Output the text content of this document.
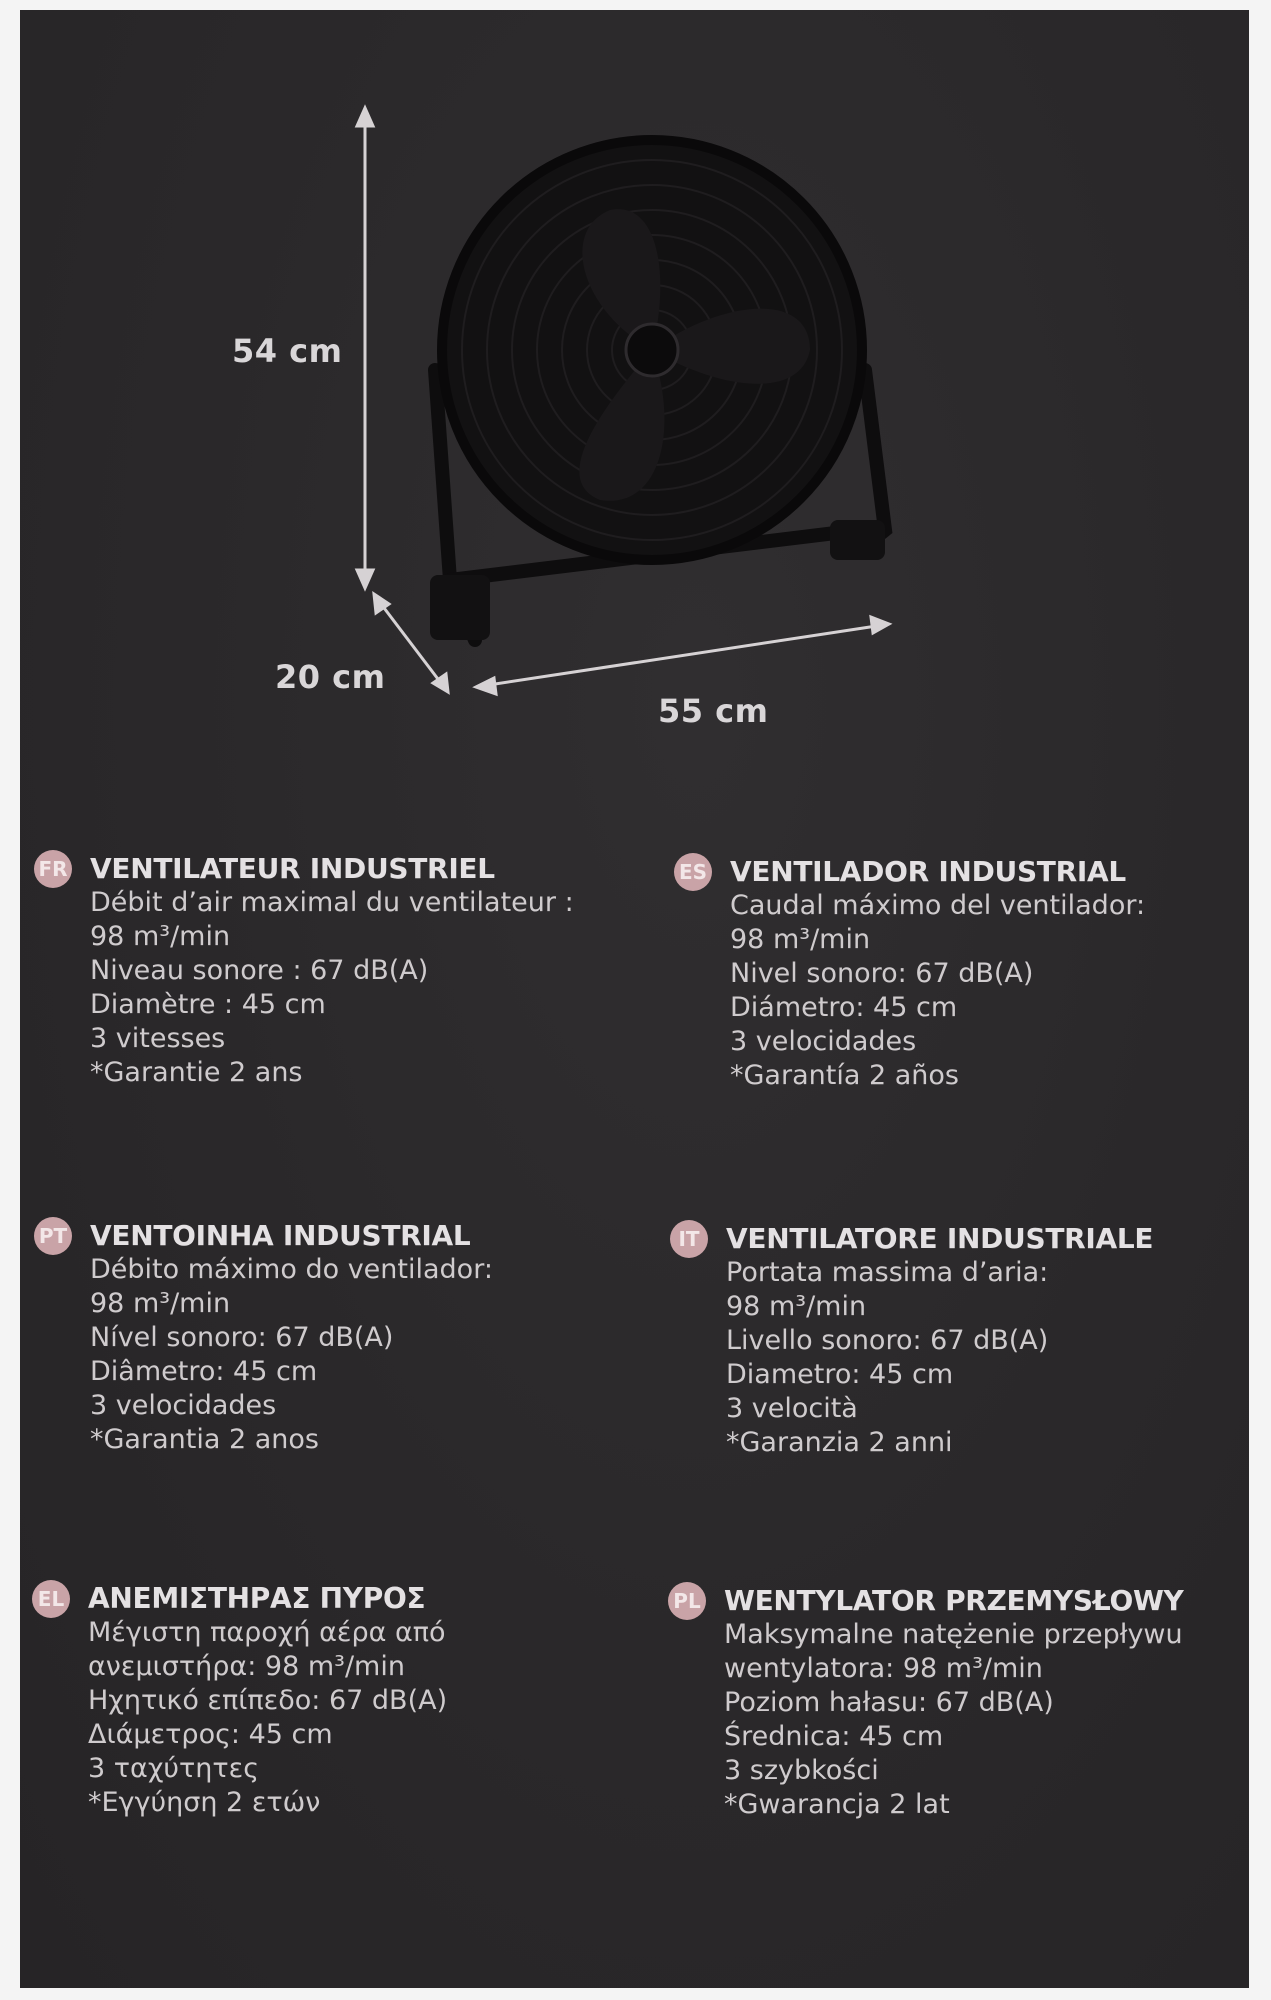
54 cm
20 cm
55 cm
FR VENTILATEUR INDUSTRIEL
Débit d’air maximal du ventilateur :
98 m³/min
Niveau sonore : 67 dB(A)
Diamètre : 45 cm
3 vitesses
*Garantie 2 ans
ES VENTILADOR INDUSTRIAL
Caudal máximo del ventilador:
98 m³/min
Nivel sonoro: 67 dB(A)
Diámetro: 45 cm
3 velocidades
*Garantía 2 años
PT VENTOINHA INDUSTRIAL
Débito máximo do ventilador:
98 m³/min
Nível sonoro: 67 dB(A)
Diâmetro: 45 cm
3 velocidades
*Garantia 2 anos
IT VENTILATORE INDUSTRIALE
Portata massima d’aria:
98 m³/min
Livello sonoro: 67 dB(A)
Diametro: 45 cm
3 velocità
*Garanzia 2 anni
EL ΑΝΕΜΙΣΤΗΡΑΣ ΠΥΡΟΣ
Μέγιστη παροχή αέρα από
ανεμιστήρα: 98 m³/min
Ηχητικό επίπεδο: 67 dB(A)
Διάμετρος: 45 cm
3 ταχύτητες
*Εγγύηση 2 ετών
PL WENTYLATOR PRZEMYSŁOWY
Maksymalne natężenie przepływu
wentylatora: 98 m³/min
Poziom hałasu: 67 dB(A)
Średnica: 45 cm
3 szybkości
*Gwarancja 2 lat
